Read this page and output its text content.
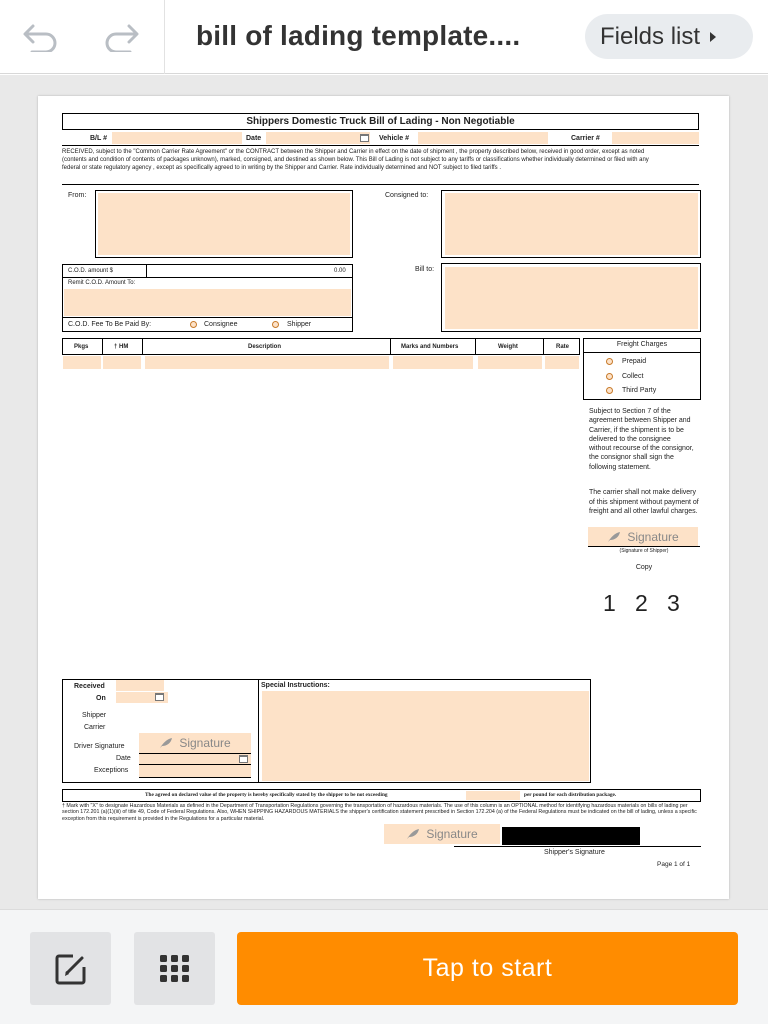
bill of lading template....	Fields list
Shippers Domestic Truck Bill of Lading - Non Negotiable
B/L #	Date	Vehicle #	Carrier #
RECEIVED, subject to the "Common Carrier Rate Agreement" or the CONTRACT between the Shipper and Carrier in effect on the date of shipment , the property described below, received in good order, except as noted (contents and condition of contents of packages unknown), marked, consigned, and destined as shown below. This Bill of Lading is not subject to any tariffs or classifications whether individually determined or filed with any federal or state regulatory agency , except as specifically agreed to in writing by the Shipper and Carrier. Rate individually determined and NOT subject to filed tariffs .
From:	Consigned to:
C.O.D. amount $	0.00
Remit C.O.D. Amount To:
C.O.D. Fee To Be Paid By:	Consignee	Shipper
Bill to:
Pkgs	† HM	Description	Marks and Numbers	Weight	Rate	Freight Charges
Prepaid
Collect
Third Party
Subject to Section 7 of the agreement between Shipper and Carrier, if the shipment is to be delivered to the consignee without recourse of the consignor, the consignor shall sign the following statement.
The carrier shall not make delivery of this shipment without payment of freight and all other lawful charges.
Signature
(Signature of Shipper)
Copy
1 2 3
Received
On
Shipper
Carrier
Driver Signature	Signature
Date
Exceptions
Special Instructions:
The agreed on declared value of the property is hereby specifically stated by the shipper to be not exceeding	per pound for each distribution package.
† Mark with "X" to designate Hazardous Materials as defined in the Department of Transportation Regulations governing the transportation of hazardous materials. The use of this column is an OPTIONAL method for identifying hazardous materials on bills of lading per section 172.201 (a)(1)(iii) of title 49, Code of Federal Regulations. Also, WHEN SHIPPING HAZARDOUS MATERIALS the shipper's certification statement prescribed in Section 172.204 (a) of the Federal Regulations must be indicated on the bill of lading, unless a specific exception from this requirement is provided in the Regulations for a particular material.
Signature
Shipper's Signature
Page 1 of 1
Tap to start
